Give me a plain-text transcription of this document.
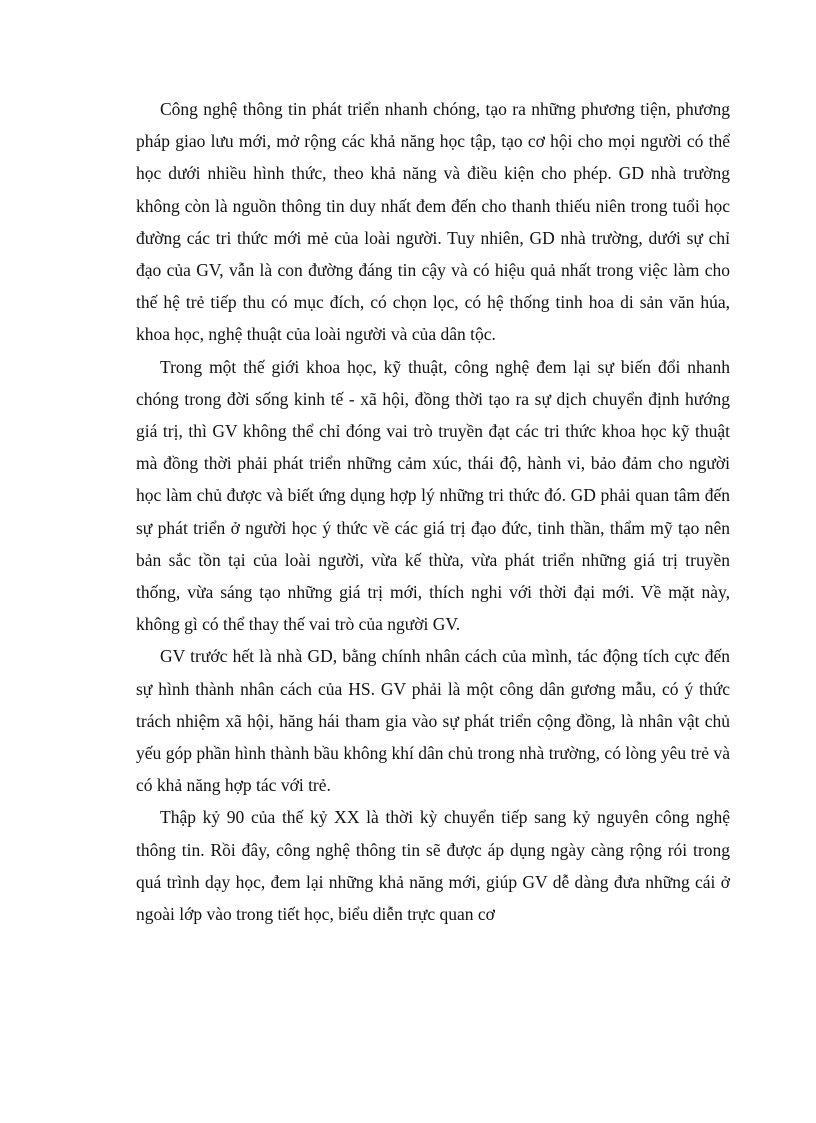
Công nghệ thông tin phát triển nhanh chóng, tạo ra những phương tiện, phương pháp giao lưu mới, mở rộng các khả năng học tập, tạo cơ hội cho mọi người có thể học dưới nhiều hình thức, theo khả năng và điều kiện cho phép. GD nhà trường không còn là nguồn thông tin duy nhất đem đến cho thanh thiếu niên trong tuổi học đường các tri thức mới mẻ của loài người. Tuy nhiên, GD nhà trường, dưới sự chỉ đạo của GV, vẫn là con đường đáng tin cậy và có hiệu quả nhất trong việc làm cho thế hệ trẻ tiếp thu có mục đích, có chọn lọc, có hệ thống tinh hoa di sản văn húa, khoa học, nghệ thuật của loài người và của dân tộc.

Trong một thế giới khoa học, kỹ thuật, công nghệ đem lại sự biến đổi nhanh chóng trong đời sống kinh tế - xã hội, đồng thời tạo ra sự dịch chuyển định hướng giá trị, thì GV không thể chỉ đóng vai trò truyền đạt các tri thức khoa học kỹ thuật mà đồng thời phải phát triển những cảm xúc, thái độ, hành vi, bảo đảm cho người học làm chủ được và biết ứng dụng hợp lý những tri thức đó. GD phải quan tâm đến sự phát triển ở người học ý thức về các giá trị đạo đức, tinh thần, thẩm mỹ tạo nên bản sắc tồn tại của loài người, vừa kế thừa, vừa phát triển những giá trị truyền thống, vừa sáng tạo những giá trị mới, thích nghi với thời đại mới. Về mặt này, không gì có thể thay thế vai trò của người GV.

GV trước hết là nhà GD, bằng chính nhân cách của mình, tác động tích cực đến sự hình thành nhân cách của HS. GV phải là một công dân gương mẫu, có ý thức trách nhiệm xã hội, hăng hái tham gia vào sự phát triển cộng đồng, là nhân vật chủ yếu góp phần hình thành bầu không khí dân chủ trong nhà trường, có lòng yêu trẻ và có khả năng hợp tác với trẻ.

Thập kỷ 90 của thế kỷ XX là thời kỳ chuyển tiếp sang kỷ nguyên công nghệ thông tin. Rồi đây, công nghệ thông tin sẽ được áp dụng ngày càng rộng rói trong quá trình dạy học, đem lại những khả năng mới, giúp GV dễ dàng đưa những cái ở ngoài lớp vào trong tiết học, biểu diễn trực quan cơ
